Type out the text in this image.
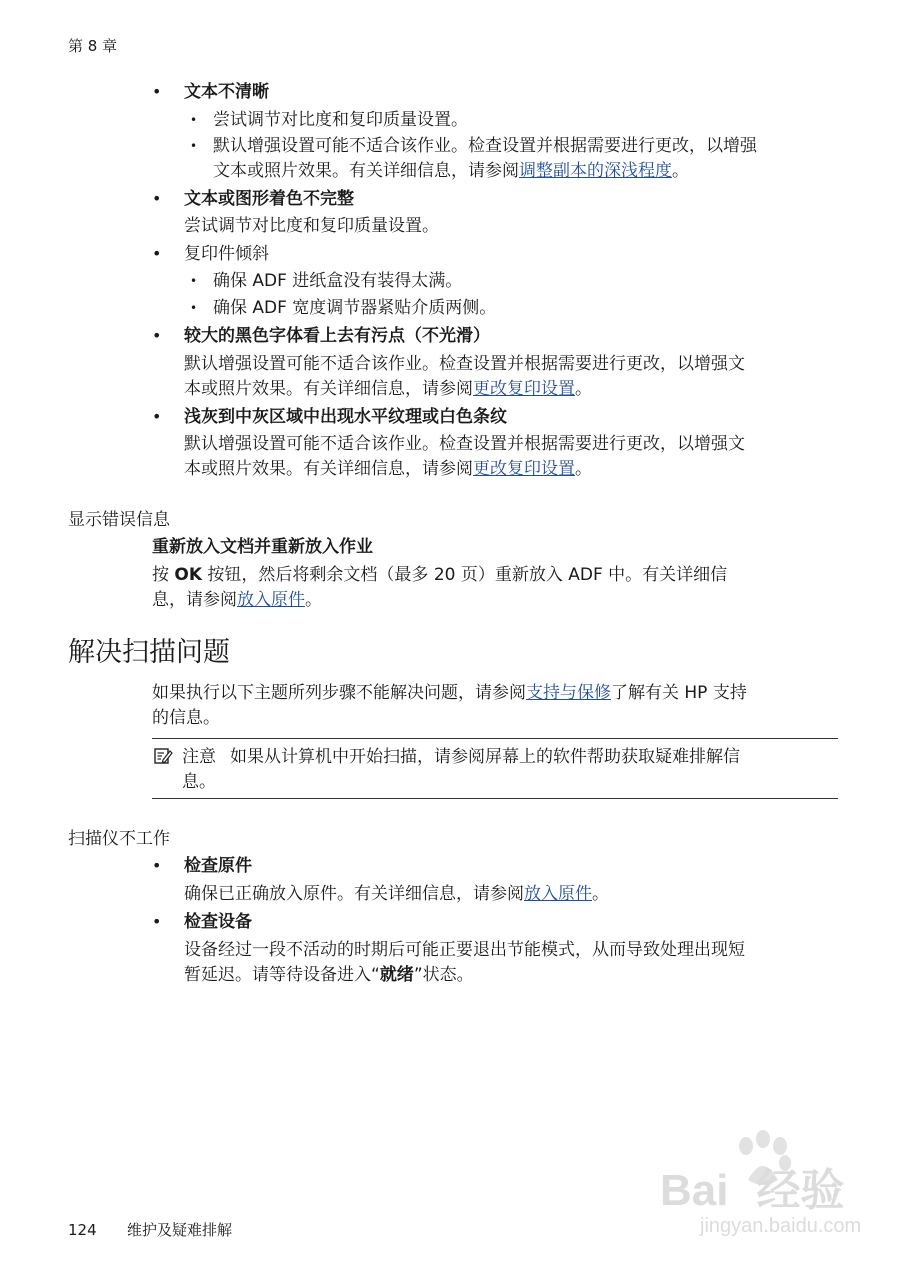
第 8 章
• 文本不清晰
• 尝试调节对比度和复印质量设置。
• 默认增强设置可能不适合该作业。检查设置并根据需要进行更改，以增强
文本或照片效果。有关详细信息，请参阅调整副本的深浅程度。
• 文本或图形着色不完整
尝试调节对比度和复印质量设置。
• 复印件倾斜
• 确保 ADF 进纸盒没有装得太满。
• 确保 ADF 宽度调节器紧贴介质两侧。
• 较大的黑色字体看上去有污点（不光滑）
默认增强设置可能不适合该作业。检查设置并根据需要进行更改，以增强文
本或照片效果。有关详细信息，请参阅更改复印设置。
• 浅灰到中灰区域中出现水平纹理或白色条纹
默认增强设置可能不适合该作业。检查设置并根据需要进行更改，以增强文
本或照片效果。有关详细信息，请参阅更改复印设置。
显示错误信息
重新放入文档并重新放入作业
按 OK 按钮，然后将剩余文档（最多 20 页）重新放入 ADF 中。有关详细信
息，请参阅放入原件。
解决扫描问题
如果执行以下主题所列步骤不能解决问题，请参阅支持与保修了解有关 HP 支持
的信息。
注意 如果从计算机中开始扫描，请参阅屏幕上的软件帮助获取疑难排解信
息。
扫描仪不工作
• 检查原件
确保已正确放入原件。有关详细信息，请参阅放入原件。
• 检查设备
设备经过一段不活动的时期后可能正要退出节能模式，从而导致处理出现短
暂延迟。请等待设备进入“就绪”状态。
Bai 经验
jingyan.baidu.com
124 维护及疑难排解
